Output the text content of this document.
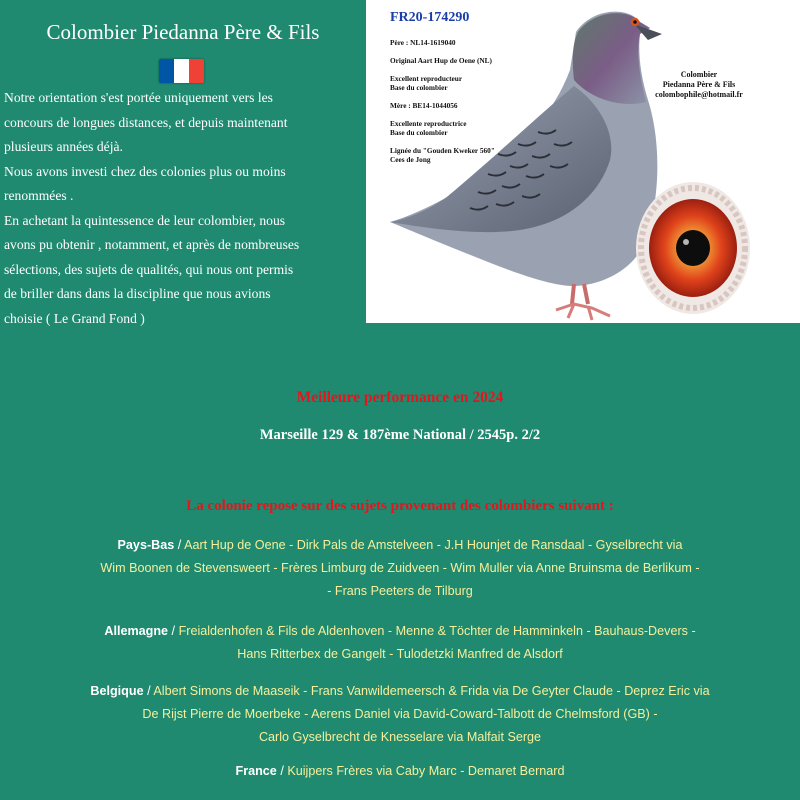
Colombier Piedanna Père & Fils
Notre orientation s'est portée uniquement vers les
concours de longues distances, et depuis maintenant
plusieurs années déjà.
Nous avons investi chez des colonies plus ou moins
renommées .
En achetant la quintessence de leur colombier, nous
avons pu obtenir , notamment, et après de nombreuses
sélections, des sujets de qualités, qui nous ont permis
de briller dans dans la discipline que nous avions
choisie ( Le Grand Fond )
FR20-174290
Père : NL14-1619040

Original Aart Hup de Oene (NL)

Excellent reproducteur
Base du colombier

Mère : BE14-1044056

Excellente reproductrice
Base du colombier

Lignée du "Gouden Kweker 560"
Cees de Jong
Colombier
Piedanna Père & Fils
colombophile@hotmail.fr
Meilleure performance en 2024
Marseille 129 & 187ème National / 2545p. 2/2
La colonie repose sur des sujets provenant des colombiers suivant :
Pays-Bas / Aart Hup de Oene - Dirk Pals de Amstelveen - J.H Hounjet de Ransdaal - Gyselbrecht via
Wim Boonen de Stevensweert - Frères Limburg de Zuidveen - Wim Muller via Anne Bruinsma de Berlikum -
- Frans Peeters de Tilburg
Allemagne / Freialdenhofen & Fils de Aldenhoven - Menne & Töchter de Hamminkeln - Bauhaus-Devers -
Hans Ritterbex de Gangelt - Tulodetzki Manfred de Alsdorf
Belgique / Albert Simons de Maaseik - Frans Vanwildemeersch & Frida via De Geyter Claude - Deprez Eric via
De Rijst Pierre de Moerbeke - Aerens Daniel via David-Coward-Talbott de Chelmsford (GB) -
Carlo Gyselbrecht de Knesselare via Malfait Serge
France / Kuijpers Frères via Caby Marc - Demaret Bernard
